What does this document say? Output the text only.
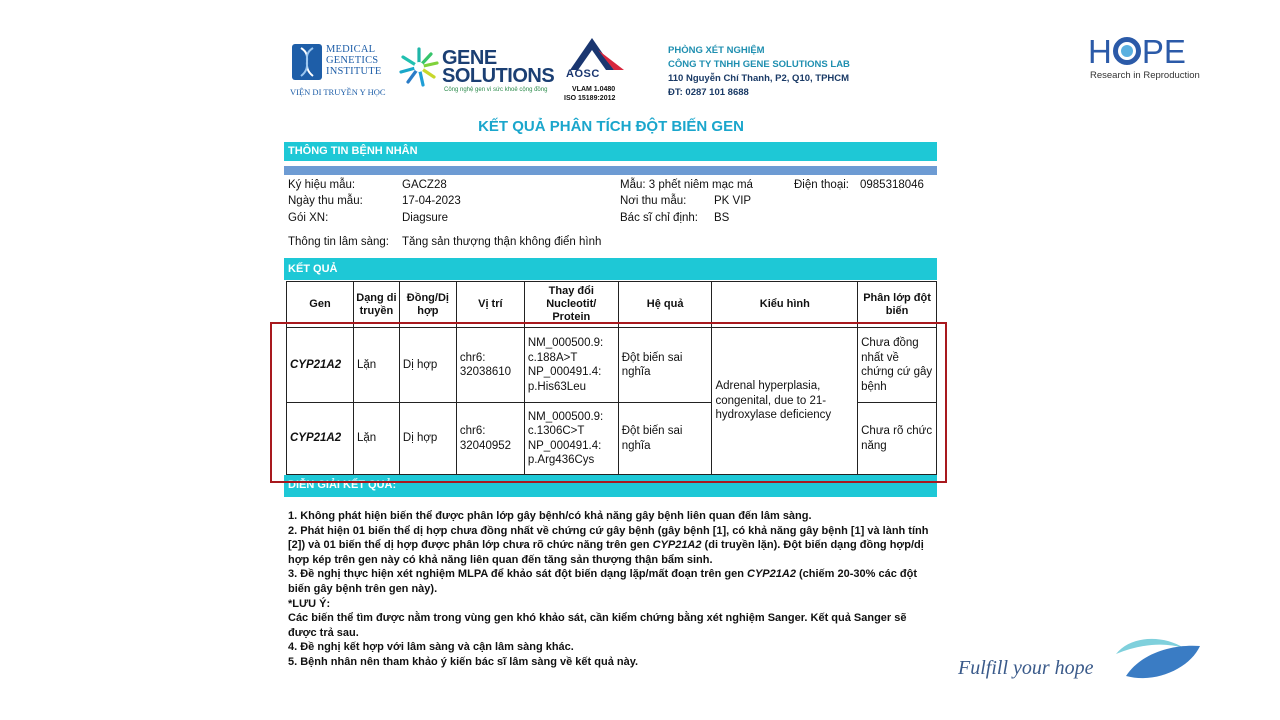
MEDICAL
GENETICS
INSTITUTE
VIỆN DI TRUYỀN Y HỌC
GENE
SOLUTIONS
Công nghệ gen vì sức khoẻ cộng đồng
AOSC
VLAM 1.0480
ISO 15189:2012
PHÒNG XÉT NGHIỆM
CÔNG TY TNHH GENE SOLUTIONS LAB
110 Nguyễn Chí Thanh, P2, Q10, TPHCM
ĐT: 0287 101 8688
H PE
Research in Reproduction
KẾT QUẢ PHÂN TÍCH ĐỘT BIẾN GEN
THÔNG TIN BỆNH NHÂN
Ký hiệu mẫu:	GACZ28
Ngày thu mẫu:	17-04-2023
Gói XN:	Diagsure
Mẫu: 3 phết niêm mạc má
Nơi thu mẫu: PK VIP
Bác sĩ chỉ định: BS
Điện thoại: 0985318046
Thông tin lâm sàng: Tăng sản thượng thận không điển hình
KẾT QUẢ
Gen	Dạng di truyền	Đồng/Dị hợp	Vị trí	Thay đổi Nucleotit/ Protein	Hệ quả	Kiểu hình	Phân lớp đột biến
CYP21A2	Lặn	Dị hợp	chr6: 32038610	NM_000500.9: c.188A>T NP_000491.4: p.His63Leu	Đột biến sai nghĩa	Adrenal hyperplasia, congenital, due to 21-hydroxylase deficiency	Chưa đồng nhất về chứng cứ gây bệnh
CYP21A2	Lặn	Dị hợp	chr6: 32040952	NM_000500.9: c.1306C>T NP_000491.4: p.Arg436Cys	Đột biến sai nghĩa		Chưa rõ chức năng
DIỄN GIẢI KẾT QUẢ:

1. Không phát hiện biến thể được phân lớp gây bệnh/có khả năng gây bệnh liên quan đến lâm sàng.

2. Phát hiện 01 biến thể dị hợp chưa đồng nhất về chứng cứ gây bệnh (gây bệnh [1], có khả năng gây bệnh [1] và lành tính [2]) và 01 biến thể dị hợp được phân lớp chưa rõ chức năng trên gen CYP21A2 (di truyền lặn). Đột biến dạng đồng hợp/dị hợp kép trên gen này có khả năng liên quan đến tăng sản thượng thận bẩm sinh.

3. Đề nghị thực hiện xét nghiệm MLPA để khảo sát đột biến dạng lặp/mất đoạn trên gen CYP21A2 (chiếm 20-30% các đột biến gây bệnh trên gen này).

*LƯU Ý:

Các biến thể tìm được nằm trong vùng gen khó khảo sát, cần kiểm chứng bằng xét nghiệm Sanger. Kết quả Sanger sẽ được trả sau.

4. Đề nghị kết hợp với lâm sàng và cận lâm sàng khác.

5. Bệnh nhân nên tham khảo ý kiến bác sĩ lâm sàng về kết quả này.	Fulfill your hope
